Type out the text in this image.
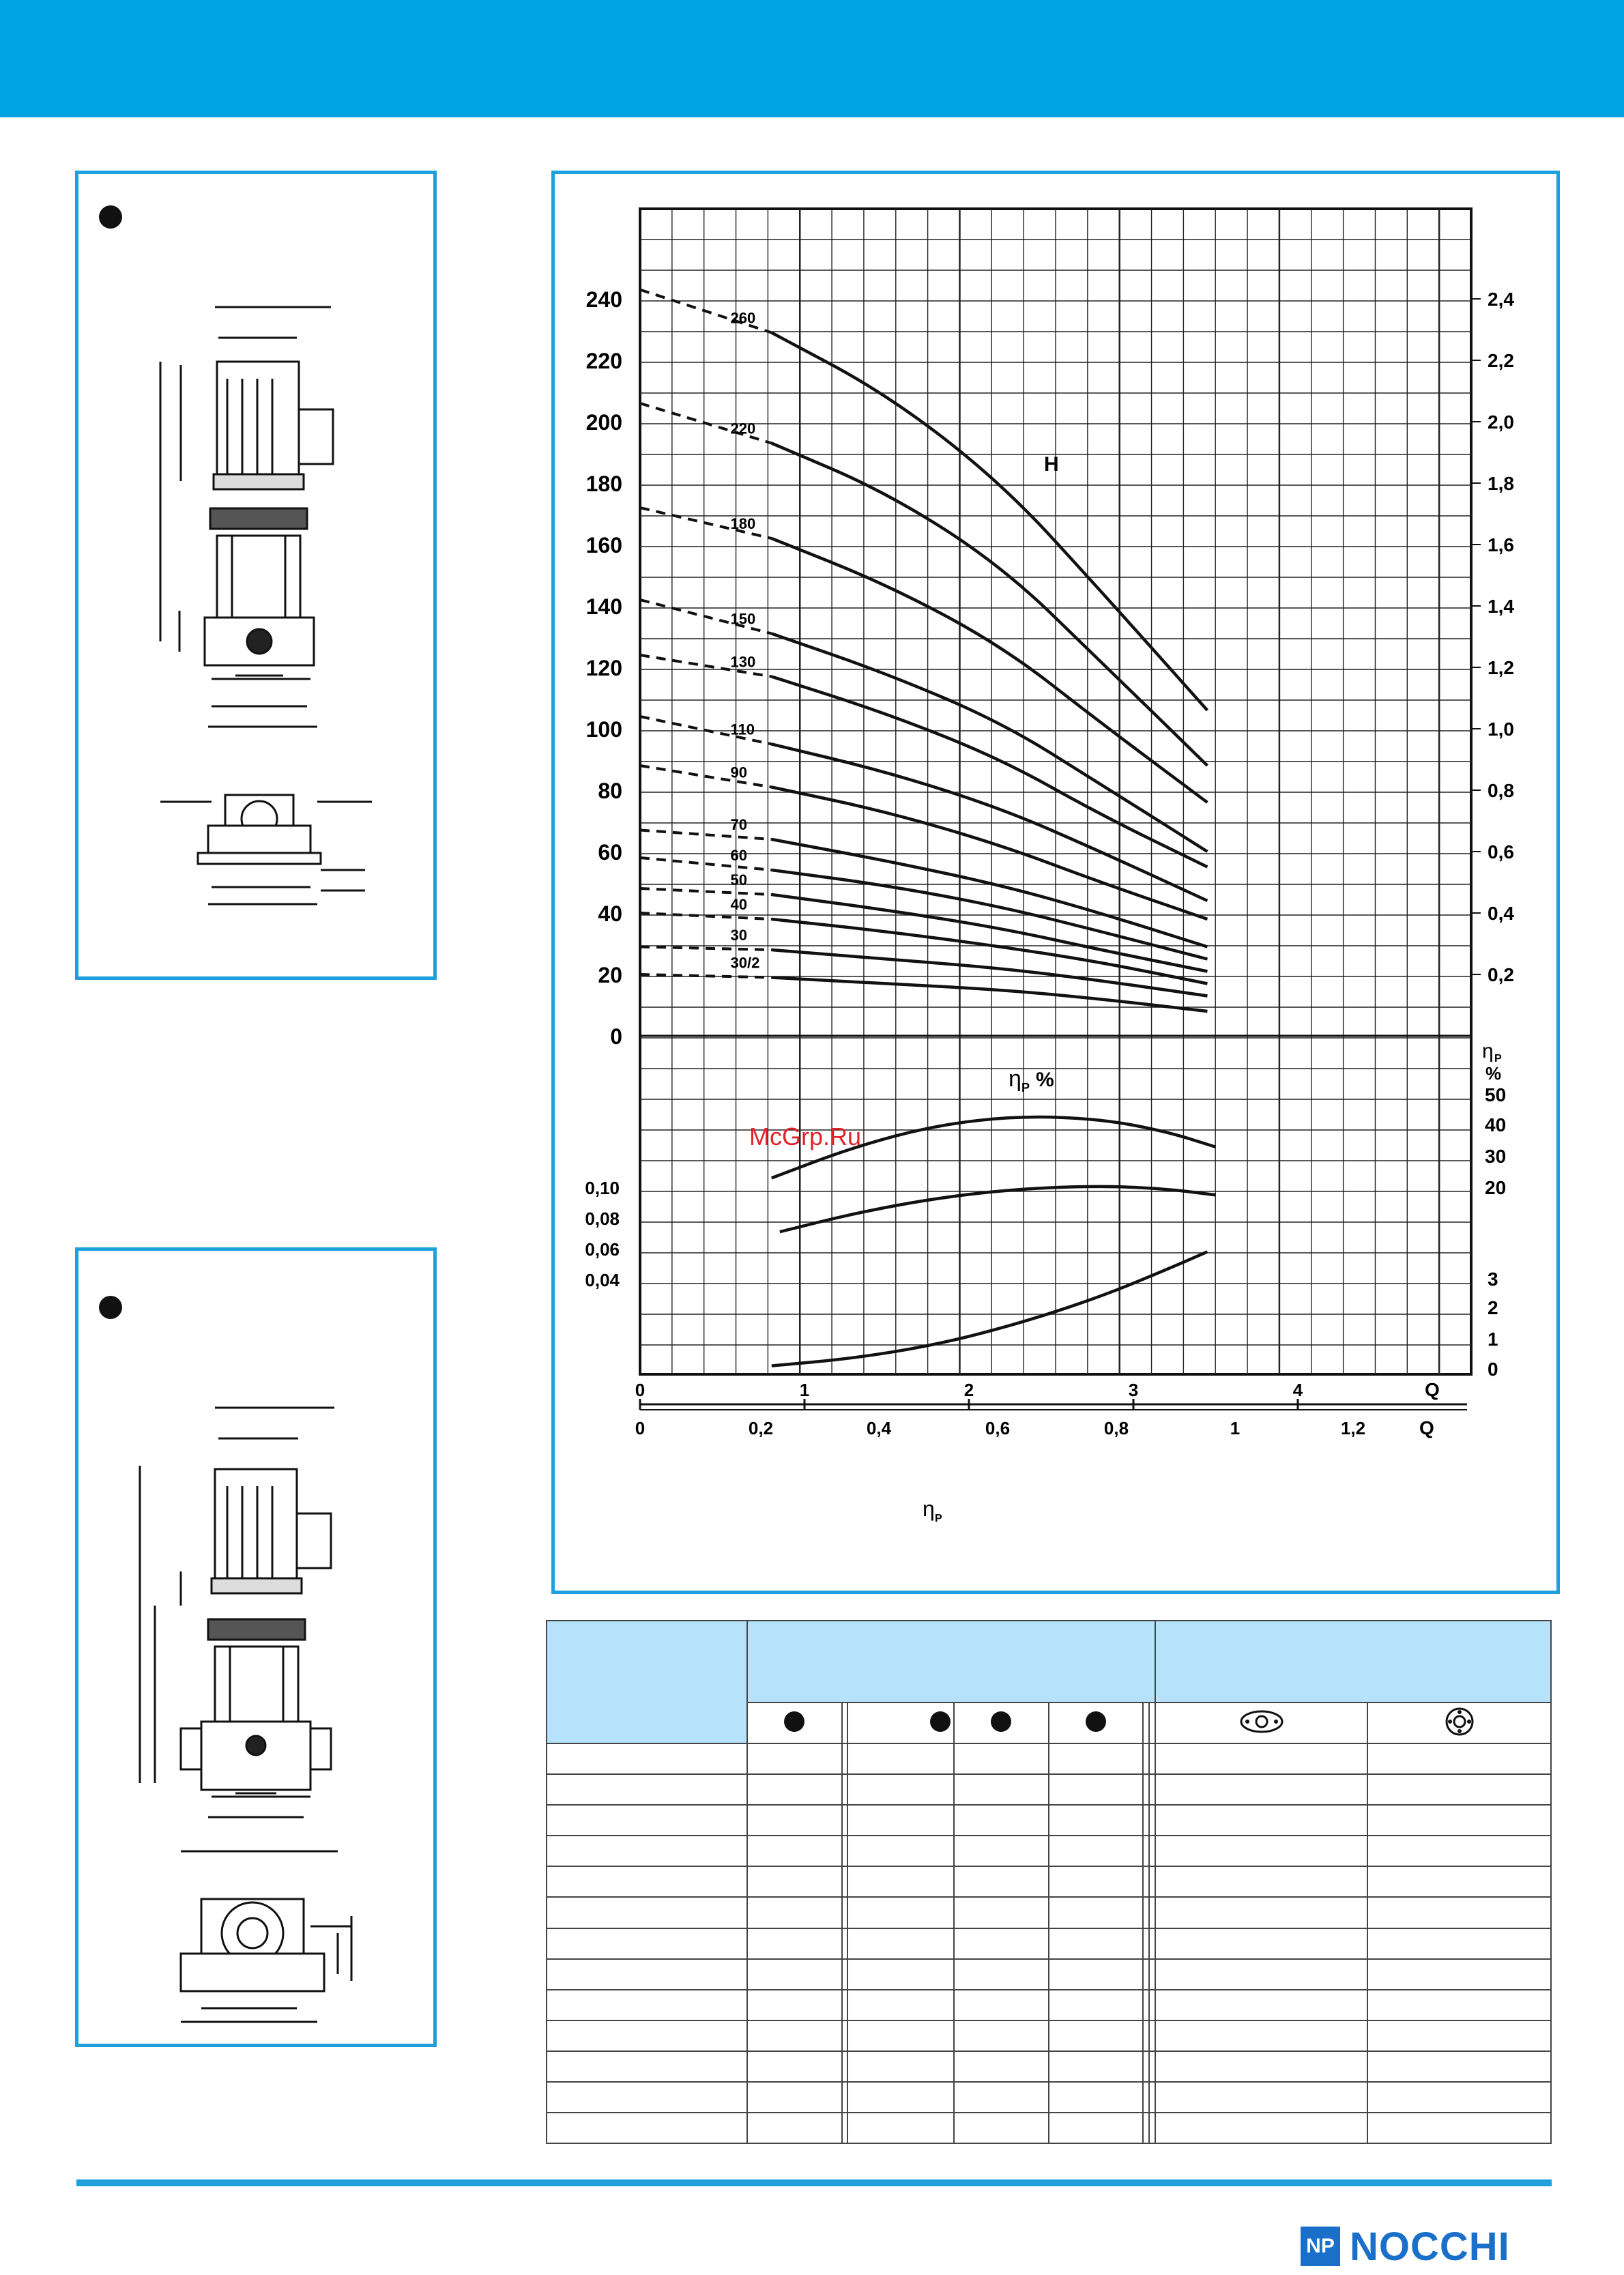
0
20
40
60
80
100
120
140
160
180
200
220
240
0,10
0,08
0,06
0,04
0,2
0,4
0,6
0,8
1,0
1,2
1,4
1,6
1,8
2,0
2,2
2,4
50
40
30
20
3
2
1
0
0	1	2	3	4	Q
0	0,2	0,4	0,6	0,8	1	1,2	Q
260
220
180
150
130
110
90
70
60
50
40
30
30/2
H
η P %
η P
%
McGrp.Ru
η P

NP NOCCHI
